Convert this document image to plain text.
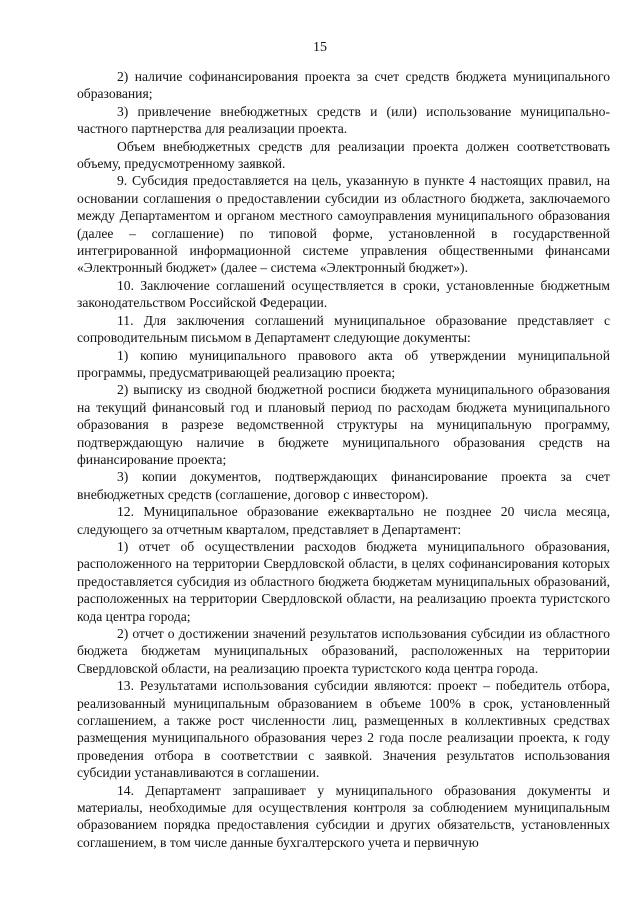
15

2) наличие софинансирования проекта за счет средств бюджета муниципального образования;

3) привлечение внебюджетных средств и (или) использование муниципально-частного партнерства для реализации проекта.

Объем внебюджетных средств для реализации проекта должен соответствовать объему, предусмотренному заявкой.

9. Субсидия предоставляется на цель, указанную в пункте 4 настоящих правил, на основании соглашения о предоставлении субсидии из областного бюджета, заключаемого между Департаментом и органом местного самоуправления муниципального образования (далее – соглашение) по типовой форме, установленной в государственной интегрированной информационной системе управления общественными финансами «Электронный бюджет» (далее – система «Электронный бюджет»).

10. Заключение соглашений осуществляется в сроки, установленные бюджетным законодательством Российской Федерации.

11. Для заключения соглашений муниципальное образование представляет с сопроводительным письмом в Департамент следующие документы:

1) копию муниципального правового акта об утверждении муниципальной программы, предусматривающей реализацию проекта;

2) выписку из сводной бюджетной росписи бюджета муниципального образования на текущий финансовый год и плановый период по расходам бюджета муниципального образования в разрезе ведомственной структуры на муниципальную программу, подтверждающую наличие в бюджете муниципального образования средств на финансирование проекта;

3) копии документов, подтверждающих финансирование проекта за счет внебюджетных средств (соглашение, договор с инвестором).

12. Муниципальное образование ежеквартально не позднее 20 числа месяца, следующего за отчетным кварталом, представляет в Департамент:

1) отчет об осуществлении расходов бюджета муниципального образования, расположенного на территории Свердловской области, в целях софинансирования которых предоставляется субсидия из областного бюджета бюджетам муниципальных образований, расположенных на территории Свердловской области, на реализацию проекта туристского кода центра города;

2) отчет о достижении значений результатов использования субсидии из областного бюджета бюджетам муниципальных образований, расположенных на территории Свердловской области, на реализацию проекта туристского кода центра города.

13. Результатами использования субсидии являются: проект – победитель отбора, реализованный муниципальным образованием в объеме 100% в срок, установленный соглашением, а также рост численности лиц, размещенных в коллективных средствах размещения муниципального образования через 2 года после реализации проекта, к году проведения отбора в соответствии с заявкой. Значения результатов использования субсидии устанавливаются в соглашении.

14. Департамент запрашивает у муниципального образования документы и материалы, необходимые для осуществления контроля за соблюдением муниципальным образованием порядка предоставления субсидии и других обязательств, установленных соглашением, в том числе данные бухгалтерского учета и первичную
